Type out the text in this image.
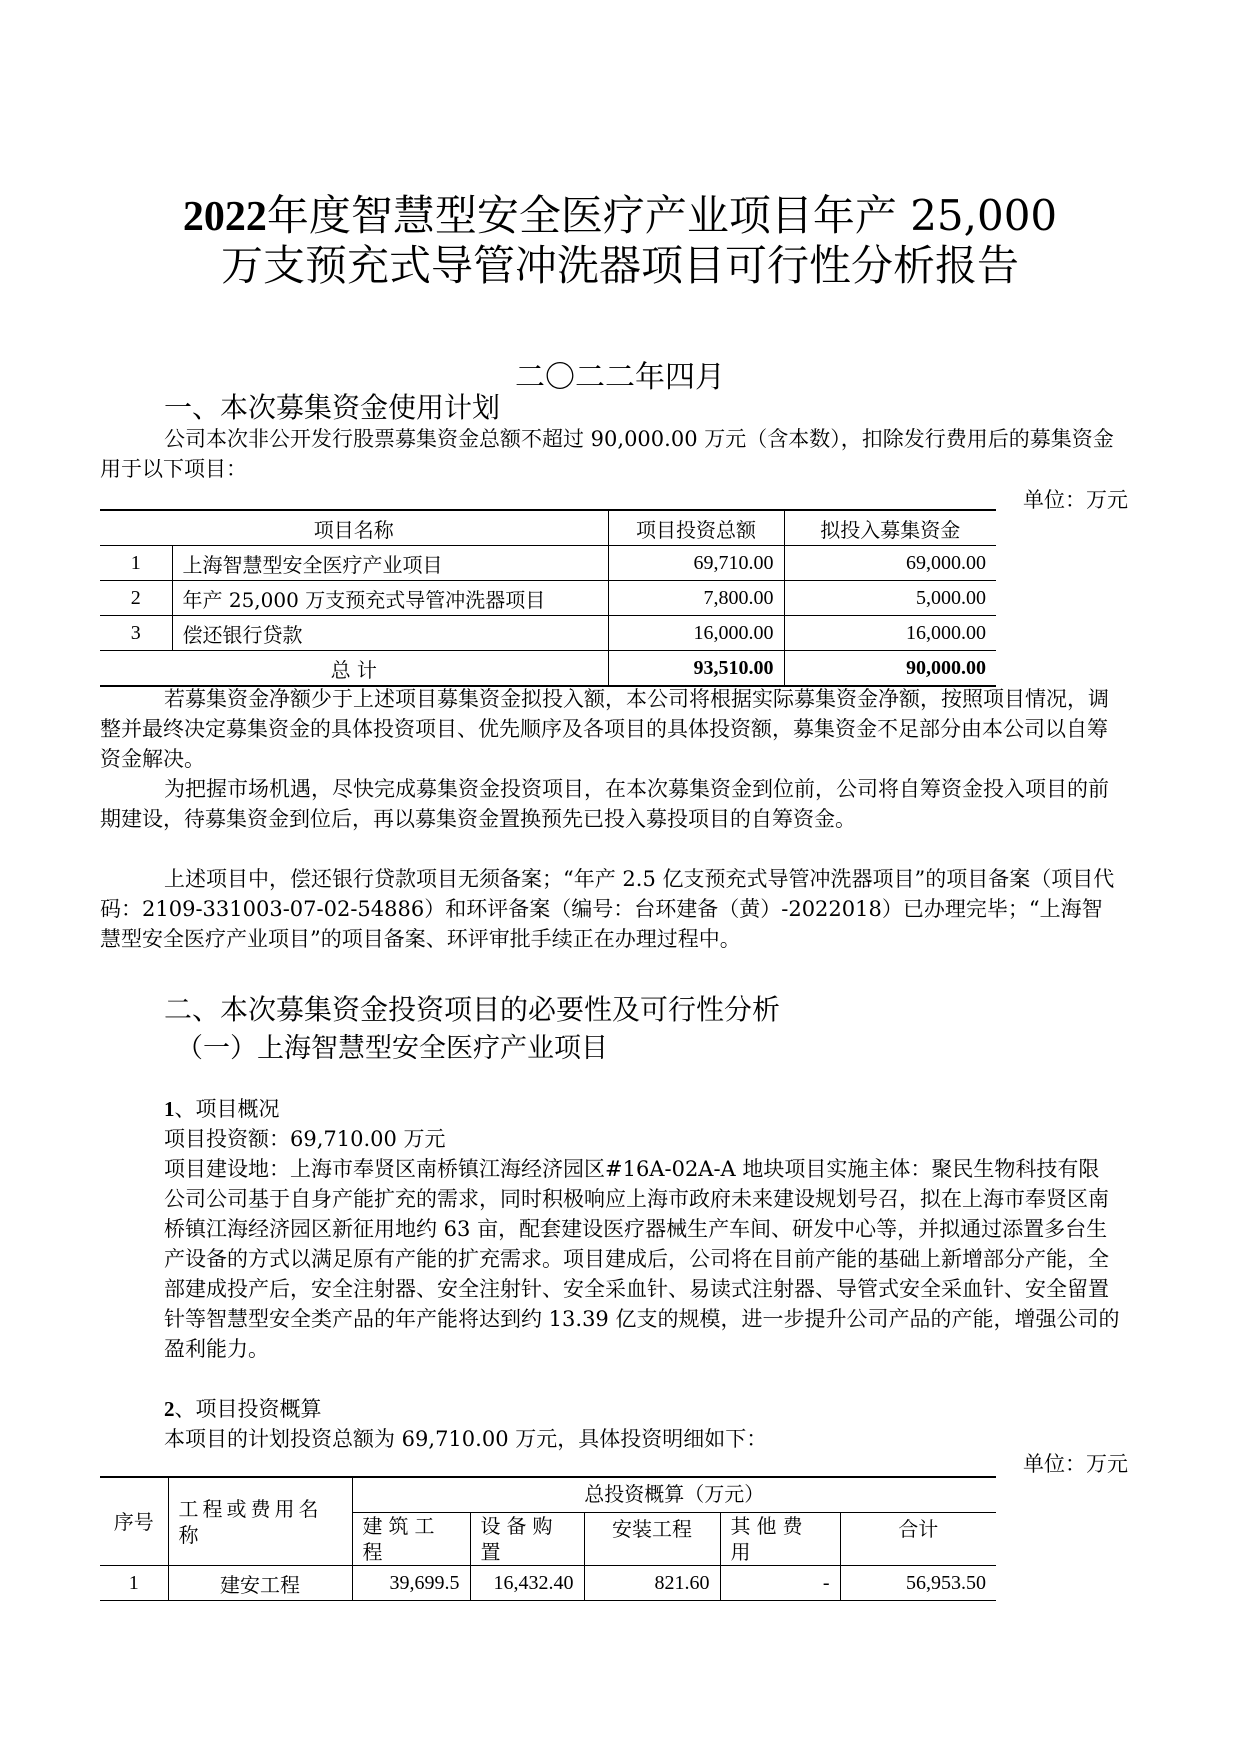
2022年度智慧型安全医疗产业项目年产 25,000
万支预充式导管冲洗器项目可行性分析报告
二〇二二年四月
一、本次募集资金使用计划
公司本次非公开发行股票募集资金总额不超过 90,000.00 万元（含本数），扣除发行费用后的募集资金用于以下项目：
单位：万元
项目名称		项目投资总额	拟投入募集资金
1	上海智慧型安全医疗产业项目	69,710.00	69,000.00
2	年产 25,000 万支预充式导管冲洗器项目	7,800.00	5,000.00
3	偿还银行贷款	16,000.00	16,000.00
总 计		93,510.00	90,000.00
若募集资金净额少于上述项目募集资金拟投入额，本公司将根据实际募集资金净额，按照项目情况，调整并最终决定募集资金的具体投资项目、优先顺序及各项目的具体投资额，募集资金不足部分由本公司以自筹资金解决。
为把握市场机遇，尽快完成募集资金投资项目，在本次募集资金到位前，公司将自筹资金投入项目的前期建设，待募集资金到位后，再以募集资金置换预先已投入募投项目的自筹资金。
上述项目中，偿还银行贷款项目无须备案；“年产 2.5 亿支预充式导管冲洗器项目”的项目备案（项目代码：2109-331003-07-02-54886）和环评备案（编号：台环建备（黄）-2022018）已办理完毕；“上海智慧型安全医疗产业项目”的项目备案、环评审批手续正在办理过程中。
二、本次募集资金投资项目的必要性及可行性分析
（一）上海智慧型安全医疗产业项目
1、项目概况
项目投资额：69,710.00 万元
项目建设地：上海市奉贤区南桥镇江海经济园区#16A-02A-A 地块项目实施主体：聚民生物科技有限公司公司基于自身产能扩充的需求，同时积极响应上海市政府未来建设规划号召，拟在上海市奉贤区南桥镇江海经济园区新征用地约 63 亩，配套建设医疗器械生产车间、研发中心等，并拟通过添置多台生产设备的方式以满足原有产能的扩充需求。项目建成后，公司将在目前产能的基础上新增部分产能，全部建成投产后，安全注射器、安全注射针、安全采血针、易读式注射器、导管式安全采血针、安全留置针等智慧型安全类产品的年产能将达到约 13.39 亿支的规模，进一步提升公司产品的产能，增强公司的盈利能力。
2、项目投资概算
本项目的计划投资总额为 69,710.00 万元，具体投资明细如下：
单位：万元
序号	工程或费用名称	总投资概算（万元）				
		建筑工程	设备购置	安装工程	其他费用	合计
1	建安工程	39,699.5	16,432.40	821.60	-	56,953.50
